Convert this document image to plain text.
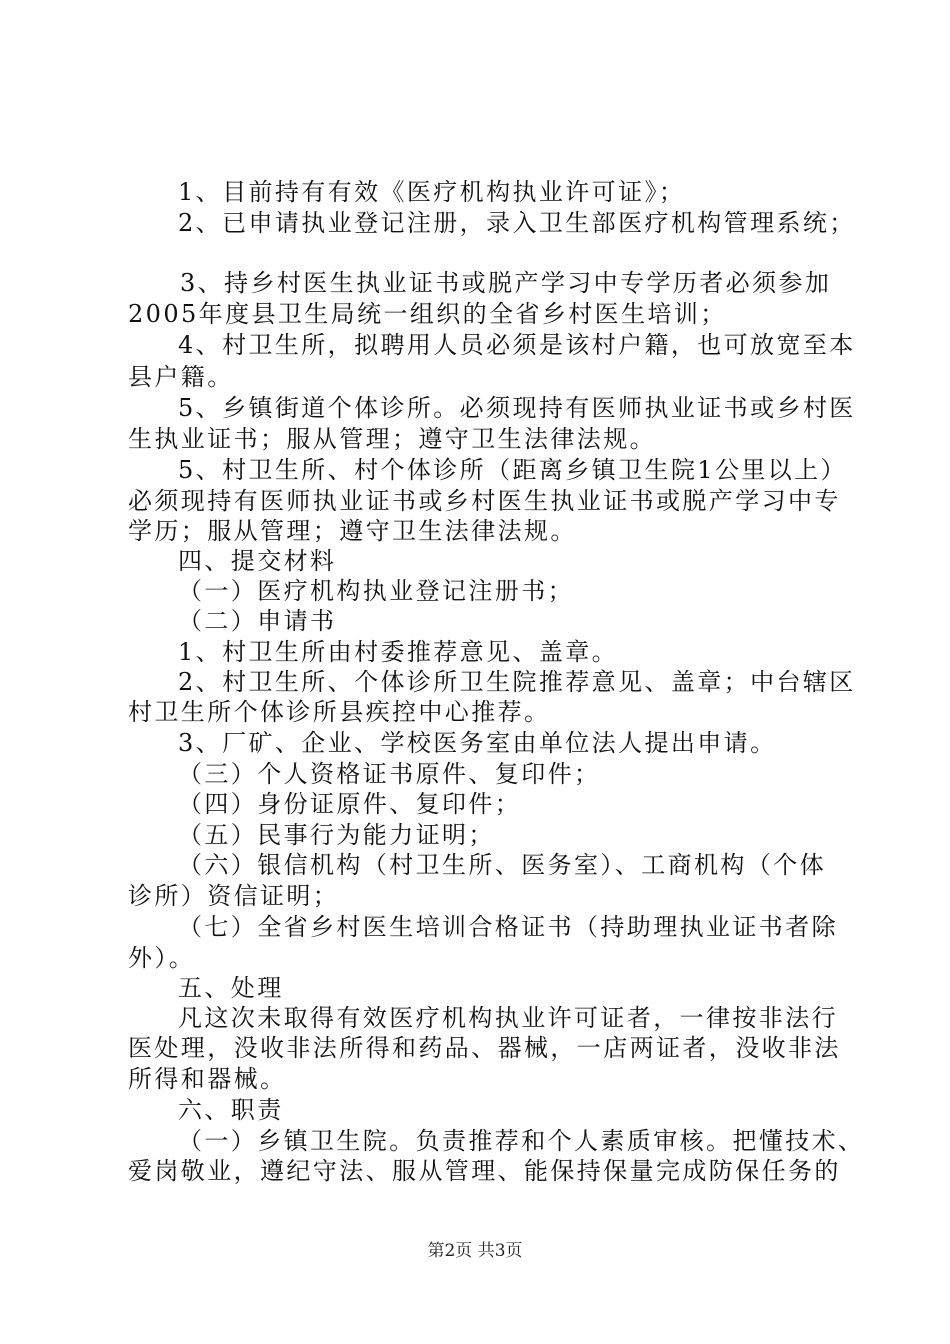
1、目前持有有效《医疗机构执业许可证》；
2、已申请执业登记注册，录入卫生部医疗机构管理系统；
3、持乡村医生执业证书或脱产学习中专学历者必须参加
2005年度县卫生局统一组织的全省乡村医生培训；
4、村卫生所，拟聘用人员必须是该村户籍，也可放宽至本
县户籍。
5、乡镇街道个体诊所。必须现持有医师执业证书或乡村医
生执业证书；服从管理；遵守卫生法律法规。
5、村卫生所、村个体诊所（距离乡镇卫生院1公里以上）
必须现持有医师执业证书或乡村医生执业证书或脱产学习中专
学历；服从管理；遵守卫生法律法规。
四、提交材料
（一）医疗机构执业登记注册书；
（二）申请书
1、村卫生所由村委推荐意见、盖章。
2、村卫生所、个体诊所卫生院推荐意见、盖章；中台辖区
村卫生所个体诊所县疾控中心推荐。
3、厂矿、企业、学校医务室由单位法人提出申请。
（三）个人资格证书原件、复印件；
（四）身份证原件、复印件；
（五）民事行为能力证明；
（六）银信机构（村卫生所、医务室）、工商机构（个体
诊所）资信证明；
（七）全省乡村医生培训合格证书（持助理执业证书者除
外）。
五、处理
凡这次未取得有效医疗机构执业许可证者，一律按非法行
医处理，没收非法所得和药品、器械，一店两证者，没收非法
所得和器械。
六、职责
（一）乡镇卫生院。负责推荐和个人素质审核。把懂技术、
爱岗敬业，遵纪守法、服从管理、能保持保量完成防保任务的
第2页 共3页
